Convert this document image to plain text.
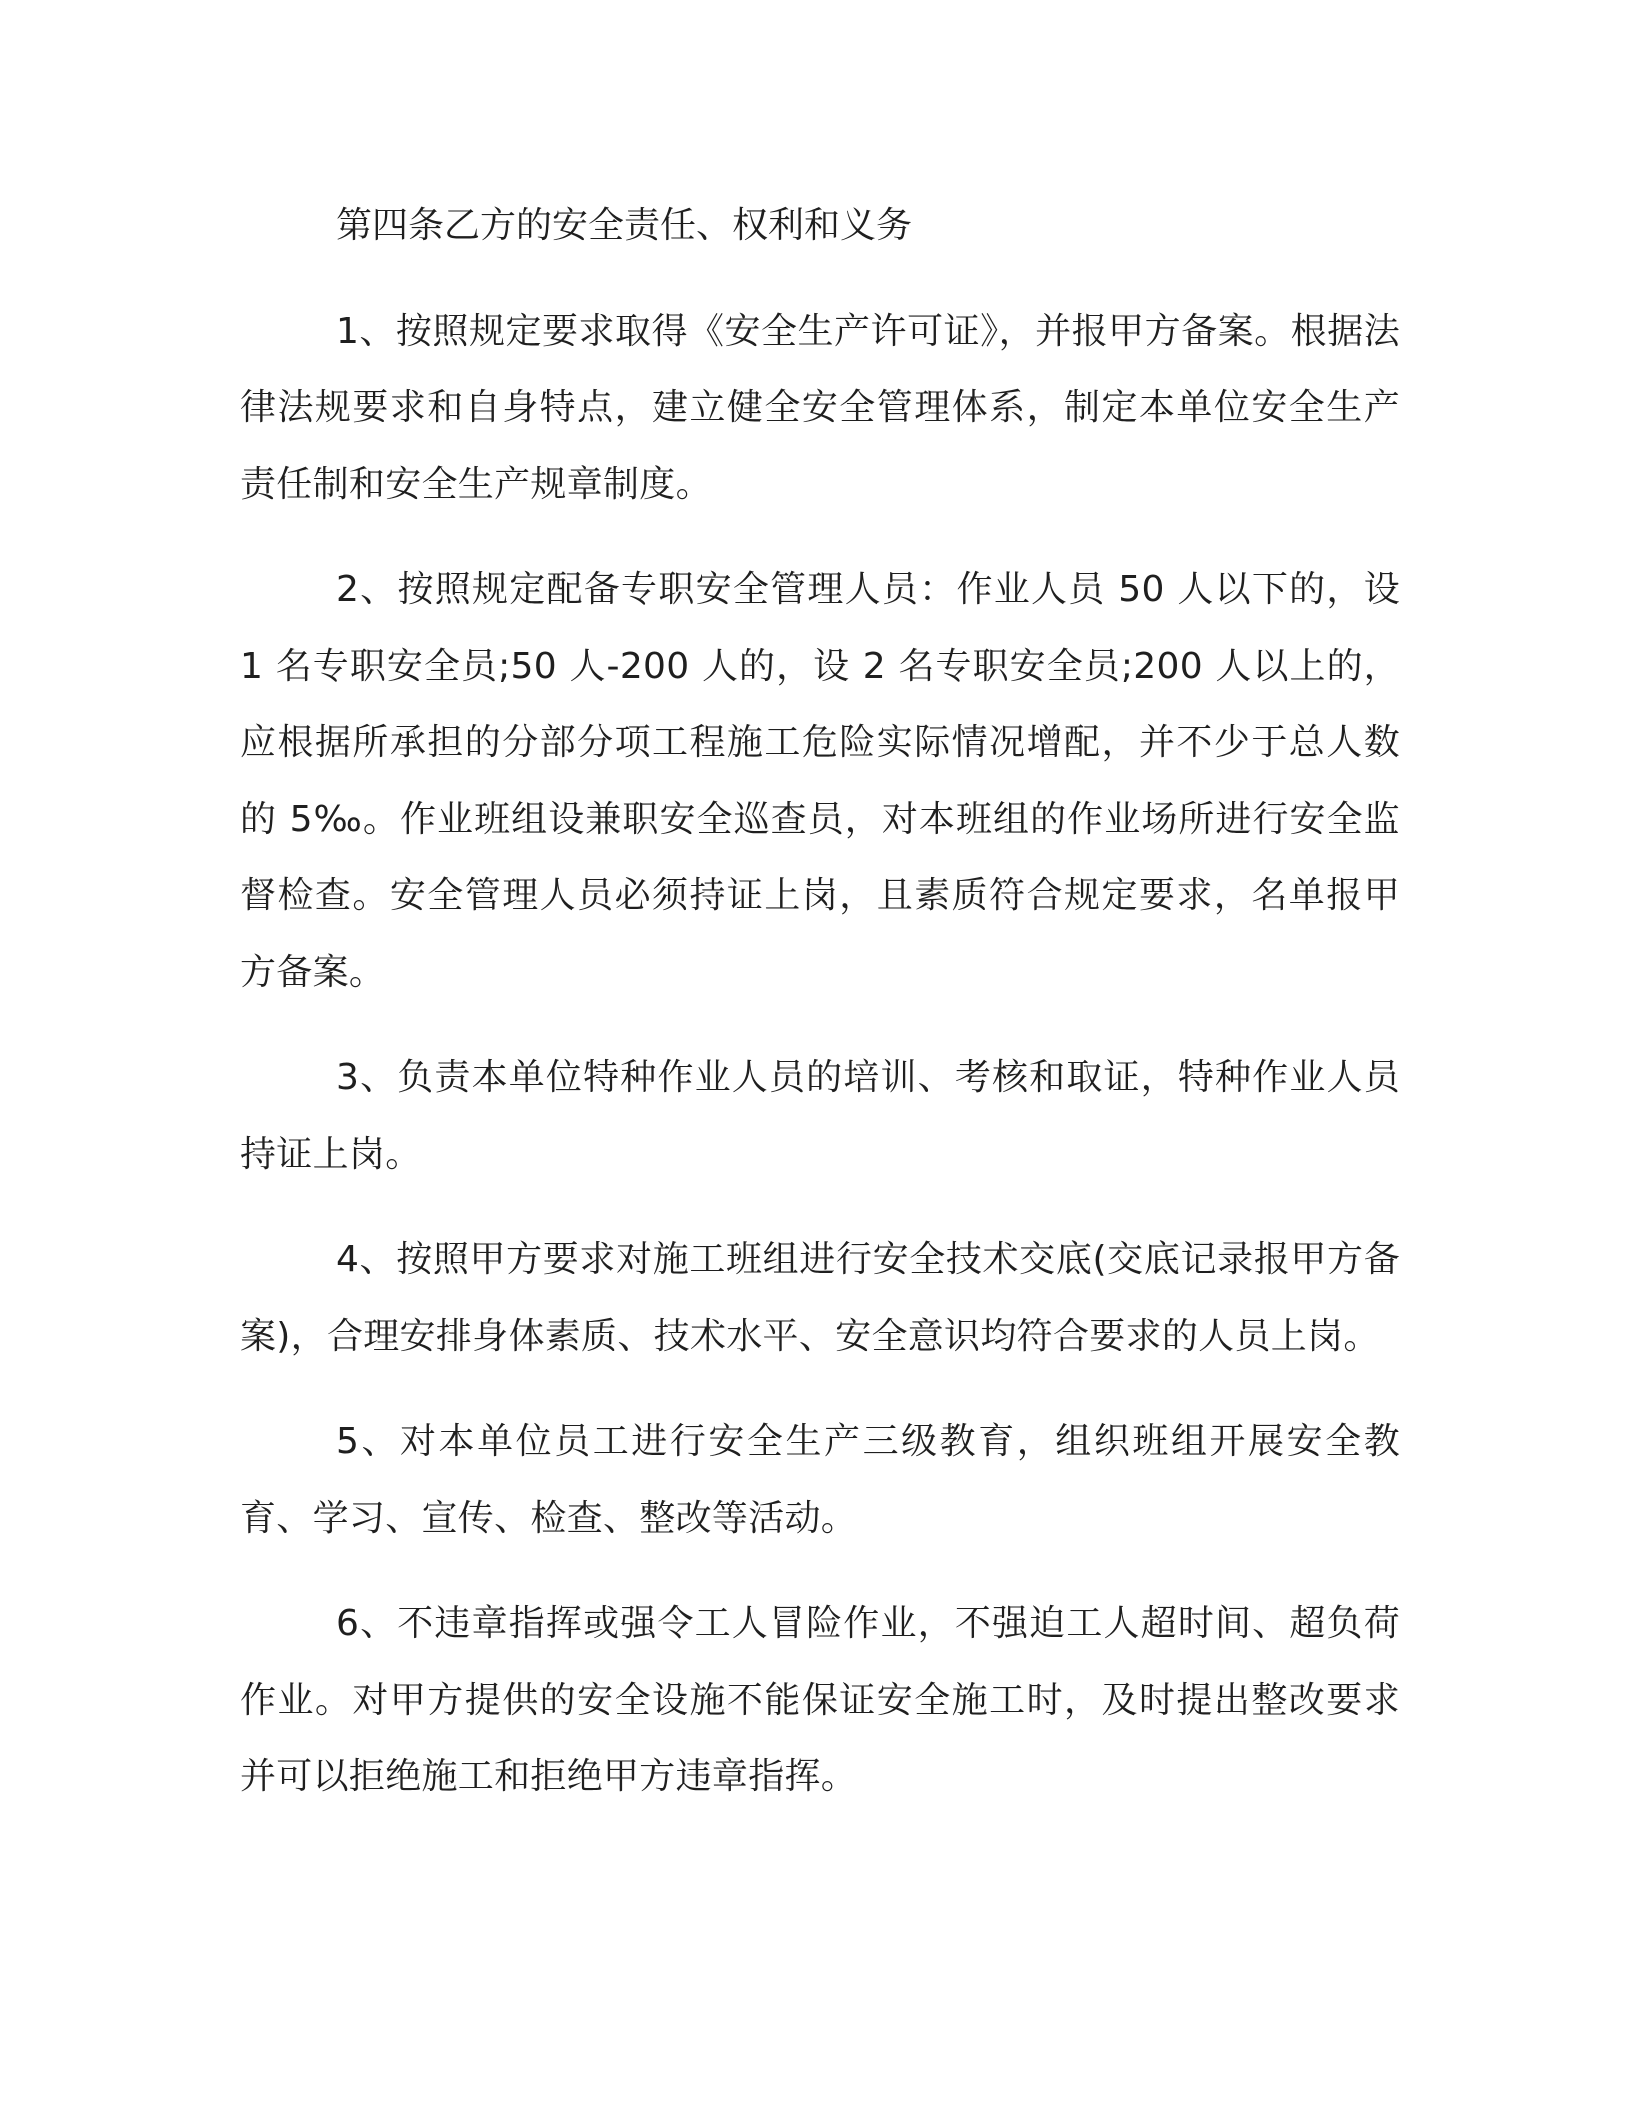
第四条乙方的安全责任、权利和义务

1、按照规定要求取得《安全生产许可证》，并报甲方备案。根据法律法规要求和自身特点，建立健全安全管理体系，制定本单位安全生产责任制和安全生产规章制度。

2、按照规定配备专职安全管理人员：作业人员 50 人以下的，设 1 名专职安全员;50 人-200 人的，设 2 名专职安全员;200 人以上的，应根据所承担的分部分项工程施工危险实际情况增配，并不少于总人数的 5‰。作业班组设兼职安全巡查员，对本班组的作业场所进行安全监督检查。安全管理人员必须持证上岗，且素质符合规定要求，名单报甲方备案。

3、负责本单位特种作业人员的培训、考核和取证，特种作业人员持证上岗。

4、按照甲方要求对施工班组进行安全技术交底(交底记录报甲方备案)，合理安排身体素质、技术水平、安全意识均符合要求的人员上岗。

5、对本单位员工进行安全生产三级教育，组织班组开展安全教育、学习、宣传、检查、整改等活动。

6、不违章指挥或强令工人冒险作业，不强迫工人超时间、超负荷作业。对甲方提供的安全设施不能保证安全施工时，及时提出整改要求并可以拒绝施工和拒绝甲方违章指挥。
